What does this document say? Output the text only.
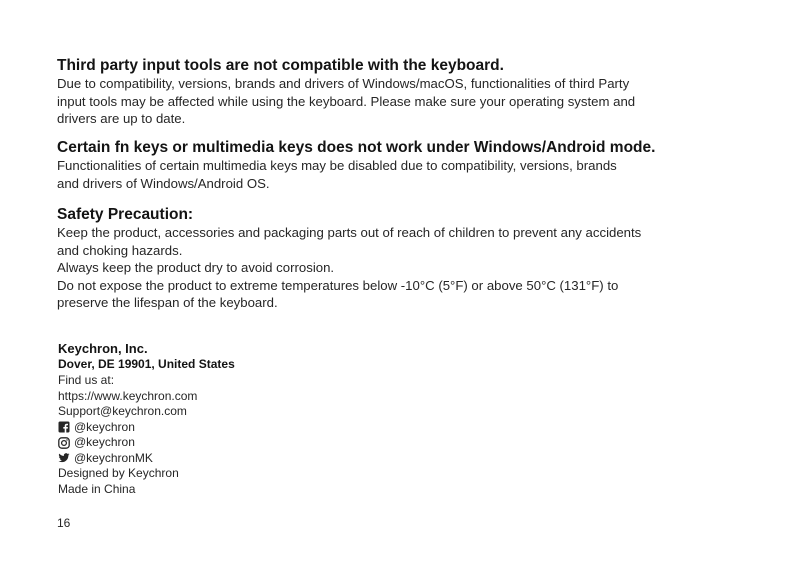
Third party input tools are not compatible with the keyboard.

Due to compatibility, versions, brands and drivers of Windows/macOS, functionalities of third Party

input tools may be affected while using the keyboard. Please make sure your operating system and

drivers are up to date.

Certain fn keys or multimedia keys does not work under Windows/Android mode.

Functionalities of certain multimedia keys may be disabled due to compatibility, versions, brands

and drivers of Windows/Android OS.

Safety Precaution:

Keep the product, accessories and packaging parts out of reach of children to prevent any accidents

and choking hazards.

Always keep the product dry to avoid corrosion.

Do not expose the product to extreme temperatures below -10°C (5°F) or above 50°C (131°F) to

preserve the lifespan of the keyboard.

Keychron, Inc.

Dover, DE 19901, United States

Find us at:

https://www.keychron.com

Support@keychron.com

@keychron

@keychron

@keychronMK

Designed by Keychron

Made in China

16
